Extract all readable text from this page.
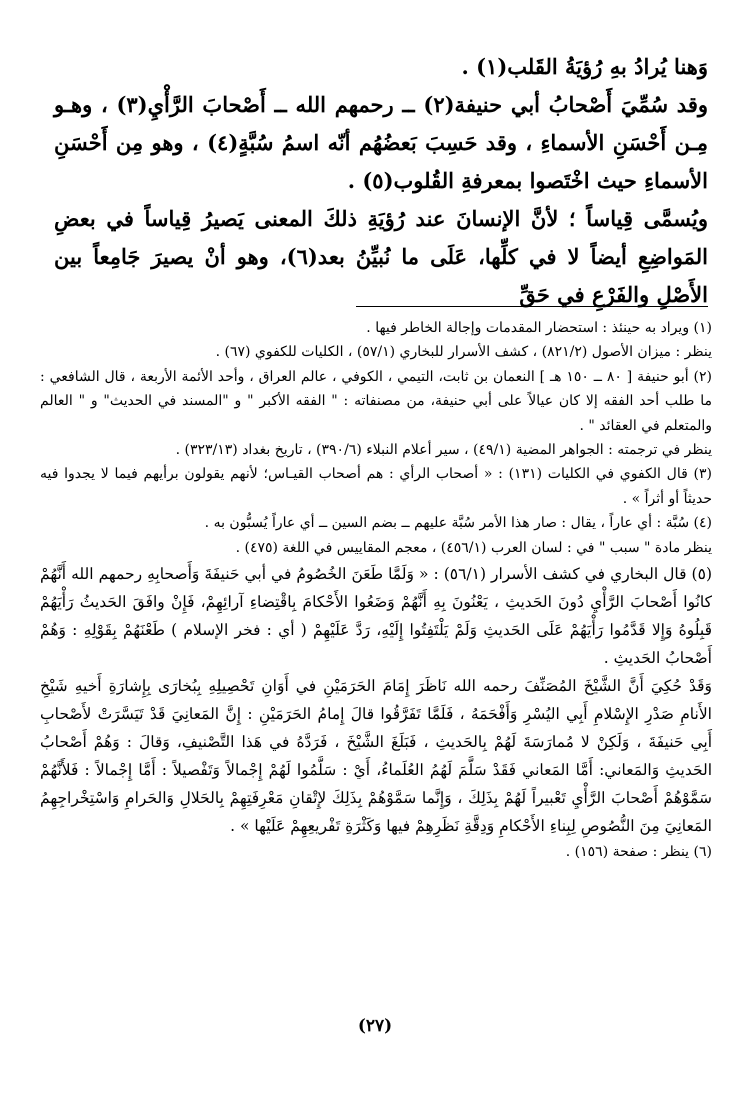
وَهنا يُرادُ بهِ رُؤيَةُ القَلب(١) .

وقد سُمِّيَ أَصْحابُ أبي حنيفة(٢) ــ رحمهم الله ــ أَصْحابَ الرَّأْيِ(٣) ، وهـو مِـن أَحْسَنِ الأسماءِ ، وقد حَسِبَ بَعضُهُم أنّه اسمُ سُبَّةٍ(٤) ، وهو مِن أَحْسَنِ الأسماءِ حيث اخْتَصوا بمعرفةِ القُلوب(٥) .

ويُسمَّى قِياساً ؛ لأنَّ الإنسانَ عند رُؤيَةِ ذلكَ المعنى يَصيرُ قِياساً في بعضِ المَواضِعِ أيضاً لا في كلِّها، عَلَى ما نُبيِّنُ بعد(٦)، وهو أنْ يصيرَ جَامِعاً بين الأَصْلِ والفَرْعِ في حَقِّ

(١) ويراد به حينئذ : استحضار المقدمات وإجالة الخاطر فيها .

ينظر : ميزان الأصول (٨٢١/٢) ، كشف الأسرار للبخاري (٥٧/١) ، الكليات للكفوي (٦٧) .

(٢) أبو حنيفة [ ٨٠ ــ ١٥٠ هـ ] النعمان بن ثابت، التيمي ، الكوفي ، عالم العراق ، وأحد الأئمة الأربعة ، قال الشافعي : ما طلب أحد الفقه إلا كان عيالاً على أبي حنيفة، من مصنفاته : " الفقه الأكبر " و "المسند في الحديث" و " العالم والمتعلم في العقائد " .

ينظر في ترجمته : الجواهر المضية (٤٩/١) ، سير أعلام النبلاء (٣٩٠/٦) ، تاريخ بغداد (٣٢٣/١٣) .

(٣) قال الكفوي في الكليات (١٣١) : « أصحاب الرأي : هم أصحاب القيـاس؛ لأنهم يقولون برأيهم فيما لا يجدوا فيه حديثاً أو أثراً » .

(٤) سُبَّة : أي عاراً ، يقال : صار هذا الأمر سُبَّة عليهم ــ بضم السين ــ أي عاراً يُسبُّون به .

ينظر مادة " سبب " في : لسان العرب (٤٥٦/١) ، معجم المقاييس في اللغة (٤٧٥) .

(٥) قال البخاري في كشف الأسرار (٥٦/١) : « وَلَمَّا طَعَنَ الخُصُومُ في أبي حَنيفَةَ وَأَصحابِهِ رحمهم الله أَنَّهُمْ كانُوا أَصْحابَ الرَّأْيِ دُونَ الحَديثِ ، يَعْنُونَ بِهِ أَنَّهُمْ وَضَعُوا الأَحْكامَ بِاقْتِضاءِ آرائِهِمْ، فَإِنْ وافَقَ الحَديثُ رَأْيَهُمْ قَبِلُوهُ وَإِلا قَدَّمُوا رَأْيَهُمْ عَلَى الحَديثِ وَلَمْ يَلْتَفِتُوا إِلَيْهِ، رَدَّ عَلَيْهِمْ ( أي : فخر الإسلام ) طَعْنَهُمْ بِقَوْلِهِ : وَهُمْ أَصْحابُ الحَديثِ .

وَقَدْ حُكِيَ أَنَّ الشَّيْخَ المُصَنِّفَ رحمه الله نَاظَرَ إِمَامَ الحَرَمَيْنِ في أَوَانِ تَحْصِيلِهِ بِبُخارَى بِإِشارَةِ أَخيهِ شَيْخِ الأَنامِ صَدْرِ الإِسْلامِ أَبِي اليُسْرِ وَأَفْحَمَهُ ، فَلَمَّا تَفَرَّقُوا قالَ إِمامُ الحَرَمَيْنِ : إِنَّ المَعانِيَ قَدْ تَيَسَّرَتْ لأَصْحابِ أَبِي حَنيفَةَ ، وَلَكِنْ لا مُمارَسَةَ لَهُمْ بِالحَديثِ ، فَبَلَغَ الشَّيْخَ ، فَرَدَّهُ في هَذا التَّصْنيفِ، وَقالَ : وَهُمْ أَصْحابُ الحَديثِ وَالمَعاني: أَمَّا المَعاني فَقَدْ سَلَّمَ لَهُمُ العُلَماءُ، أَيْ : سَلَّمُوا لَهُمْ إِجْمالاً وَتَفْصيلاً : أَمَّا إِجْمالاً : فَلأَنَّهُمْ سَمَّوْهُمْ أَصْحابَ الرَّأْيِ تَعْبيراً لَهُمْ بِذَلِكَ ، وَإِنَّما سَمَّوْهُمْ بِذَلِكَ لإِتْقانِ مَعْرِفَتِهِمْ بِالحَلالِ وَالحَرامِ وَاسْتِخْراجِهِمُ المَعانِيَ مِنَ النُّصُوصِ لِبِناءِ الأَحْكامِ وَدِقَّةِ نَظَرِهِمْ فيها وَكَثْرَةِ تَفْريعِهِمْ عَلَيْها » .

(٦) ينظر : صفحة (١٥٦) .

(٢٧)
